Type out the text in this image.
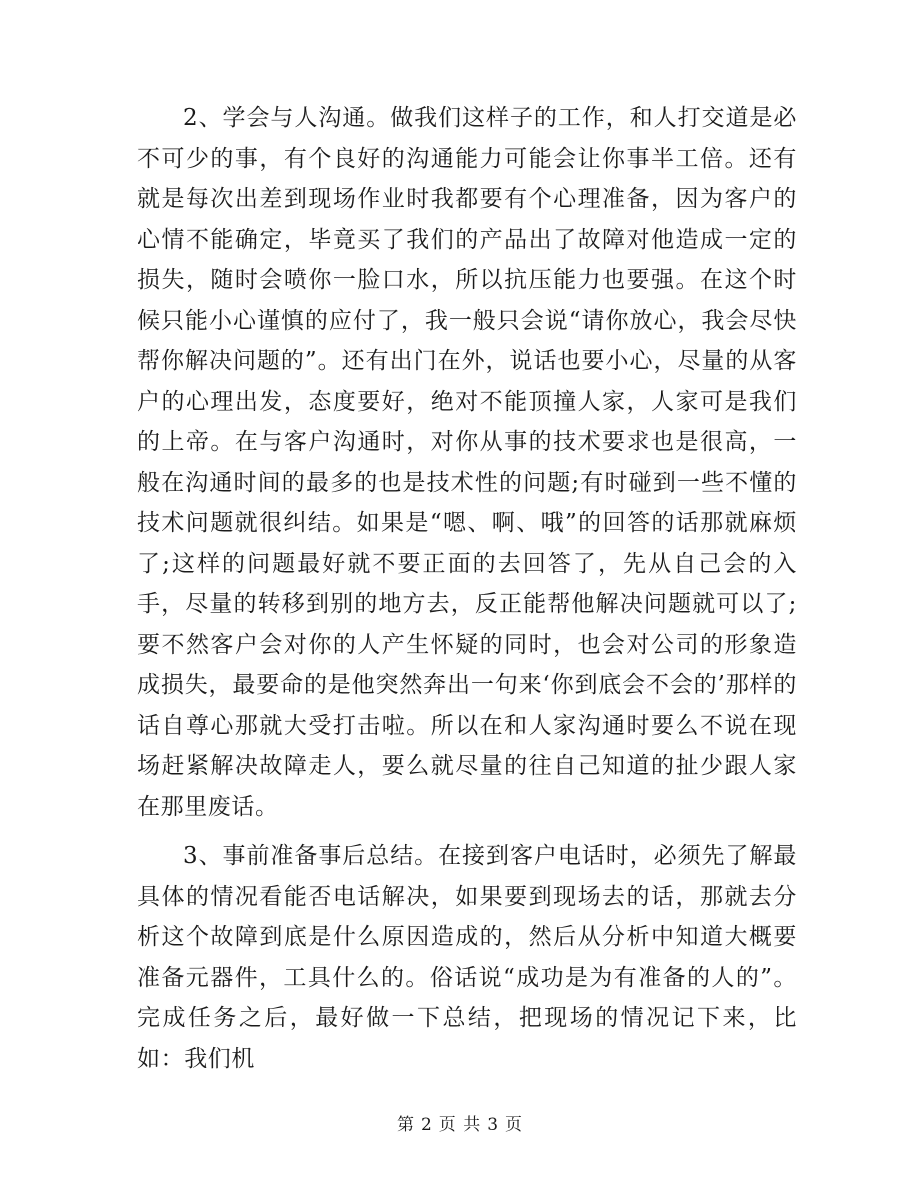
2、学会与人沟通。做我们这样子的工作，和人打交道是必不可少的事，有个良好的沟通能力可能会让你事半工倍。还有就是每次出差到现场作业时我都要有个心理准备，因为客户的心情不能确定，毕竟买了我们的产品出了故障对他造成一定的损失，随时会喷你一脸口水，所以抗压能力也要强。在这个时候只能小心谨慎的应付了，我一般只会说“请你放心，我会尽快帮你解决问题的”。还有出门在外，说话也要小心，尽量的从客户的心理出发，态度要好，绝对不能顶撞人家，人家可是我们的上帝。在与客户沟通时，对你从事的技术要求也是很高，一般在沟通时间的最多的也是技术性的问题;有时碰到一些不懂的技术问题就很纠结。如果是“嗯、啊、哦”的回答的话那就麻烦了;这样的问题最好就不要正面的去回答了，先从自己会的入手，尽量的转移到别的地方去，反正能帮他解决问题就可以了;要不然客户会对你的人产生怀疑的同时，也会对公司的形象造成损失，最要命的是他突然奔出一句来‘你到底会不会的’那样的话自尊心那就大受打击啦。所以在和人家沟通时要么不说在现场赶紧解决故障走人，要么就尽量的往自己知道的扯少跟人家在那里废话。

3、事前准备事后总结。在接到客户电话时，必须先了解最具体的情况看能否电话解决，如果要到现场去的话，那就去分析这个故障到底是什么原因造成的，然后从分析中知道大概要准备元器件，工具什么的。俗话说“成功是为有准备的人的”。完成任务之后，最好做一下总结，把现场的情况记下来，比如：我们机

第 2 页 共 3 页
